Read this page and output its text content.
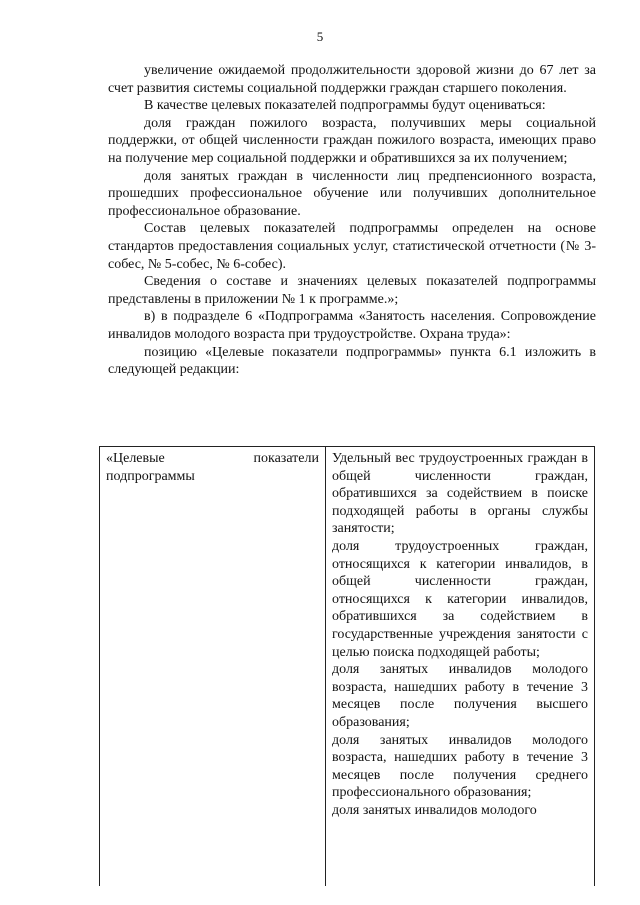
5

увеличение ожидаемой продолжительности здоровой жизни до 67 лет за счет развития системы социальной поддержки граждан старшего поколения.

В качестве целевых показателей подпрограммы будут оцениваться:

доля граждан пожилого возраста, получивших меры социальной поддержки, от общей численности граждан пожилого возраста, имеющих право на получение мер социальной поддержки и обратившихся за их получением;

доля занятых граждан в численности лиц предпенсионного возраста, прошедших профессиональное обучение или получивших дополнительное профессиональное образование.

Состав целевых показателей подпрограммы определен на основе стандартов предоставления социальных услуг, статистической отчетности (№ 3-собес, № 5-собес, № 6-собес).

Сведения о составе и значениях целевых показателей подпрограммы представлены в приложении № 1 к программе.»;

в) в подразделе 6 «Подпрограмма «Занятость населения. Сопровождение инвалидов молодого возраста при трудоустройстве. Охрана труда»:

позицию «Целевые показатели подпрограммы» пункта 6.1 изложить в следующей редакции:

«Целевые показатели подпрограммы

Удельный вес трудоустроенных граждан в общей численности граждан, обратившихся за содействием в поиске подходящей работы в органы службы занятости;

доля трудоустроенных граждан, относящихся к категории инвалидов, в общей численности граждан, относящихся к категории инвалидов, обратившихся за содействием в государственные учреждения занятости с целью поиска подходящей работы;

доля занятых инвалидов молодого возраста, нашедших работу в течение 3 месяцев после получения высшего образования;

доля занятых инвалидов молодого возраста, нашедших работу в течение 3 месяцев после получения среднего профессионального образования;

доля занятых инвалидов молодого
